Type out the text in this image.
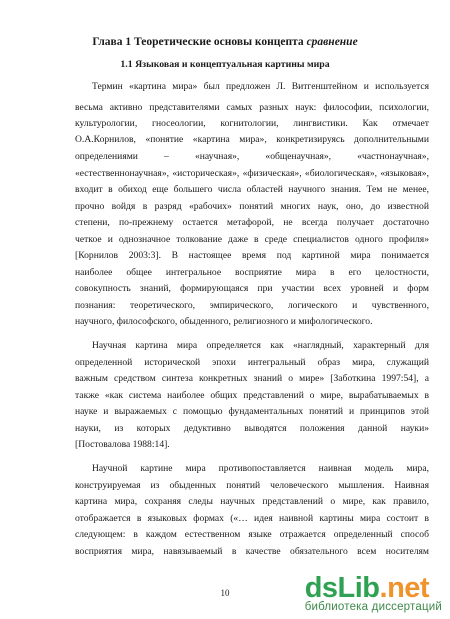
Глава 1 Теоретические основы концепта сравнение
1.1 Языковая и концептуальная картины мира
Термин «картина мира» был предложен Л. Витгенштейном и используется
весьма активно представителями самых разных наук: философии, психологии,
культурологии, гносеологии, когнитологии, лингвистики. Как отмечает
О.А.Корнилов, «понятие «картина мира», конкретизируясь дополнительными
определениями – «научная», «общенаучная», «частнонаучная»,
«естественнонаучная», «историческая», «физическая», «биологическая», «языковая»,
входит в обиход еще большего числа областей научного знания. Тем не менее,
прочно войдя в разряд «рабочих» понятий многих наук, оно, до известной
степени, по-прежнему остается метафорой, не всегда получает достаточно
четкое и однозначное толкование даже в среде специалистов одного профиля»
[Корнилов 2003:3]. В настоящее время под картиной мира понимается
наиболее общее интегральное восприятие мира в его целостности,
совокупность знаний, формирующаяся при участии всех уровней и форм
познания: теоретического, эмпирического, логического и чувственного,
научного, философского, обыденного, религиозного и мифологического.
Научная картина мира определяется как «наглядный, характерный для
определенной исторической эпохи интегральный образ мира, служащий
важным средством синтеза конкретных знаний о мире» [Заботкина 1997:54], а
также «как система наиболее общих представлений о мире, вырабатываемых в
науке и выражаемых с помощью фундаментальных понятий и принципов этой
науки, из которых дедуктивно выводятся положения данной науки»
[Постовалова 1988:14].
Научной картине мира противопоставляется наивная модель мира,
конструируемая из обыденных понятий человеческого мышления. Наивная
картина мира, сохраняя следы научных представлений о мире, как правило,
отображается в языковых формах («… идея наивной картины мира состоит в
следующем: в каждом естественном языке отражается определенный способ
восприятия мира, навязываемый в качестве обязательного всем носителям
10	dsLib.net
библиотека диссертаций
